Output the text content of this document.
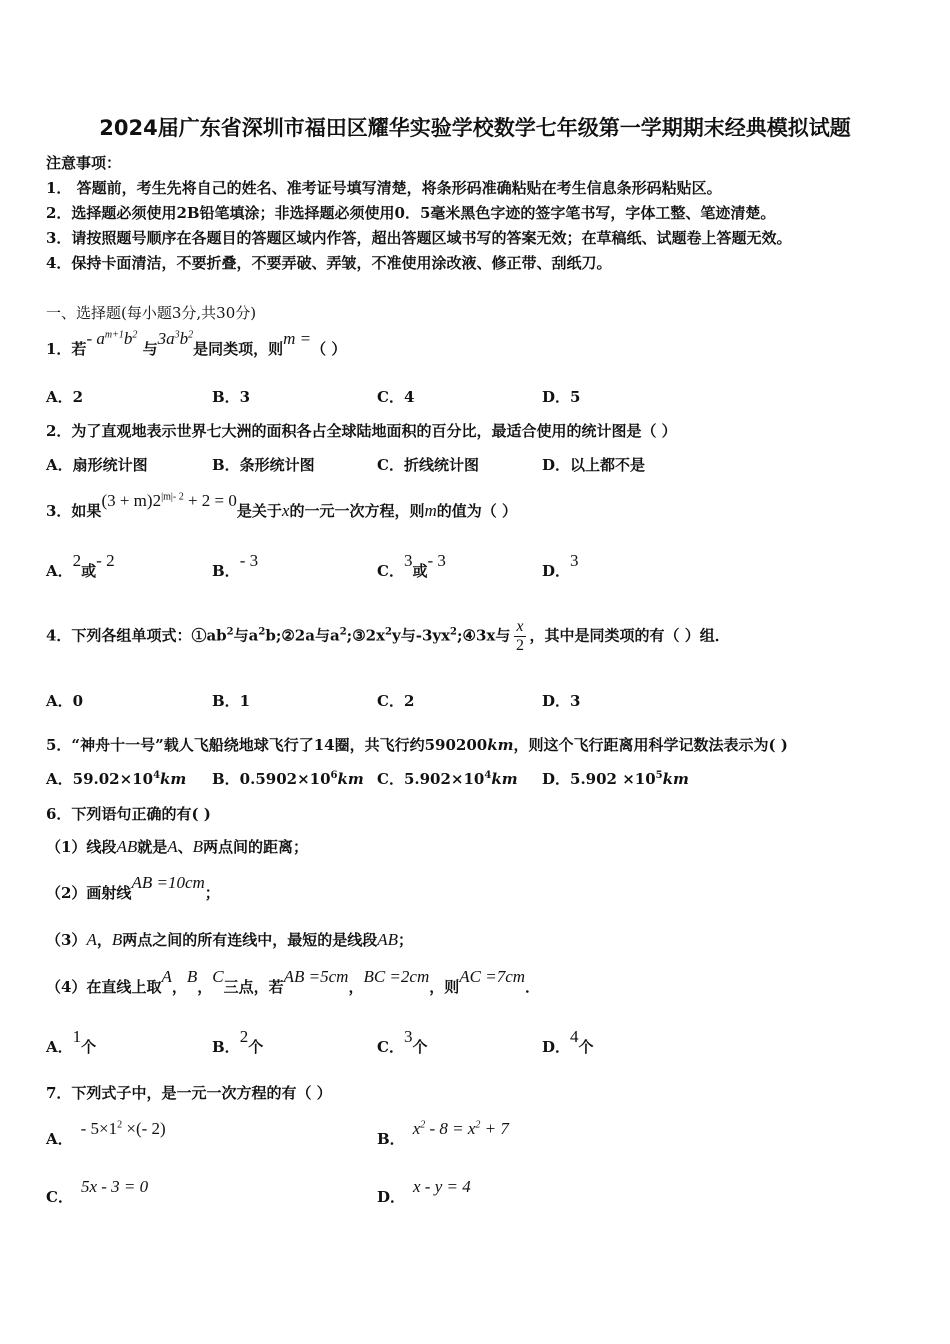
2024届广东省深圳市福田区耀华实验学校数学七年级第一学期期末经典模拟试题
注意事项：
1． 答题前，考生先将自己的姓名、准考证号填写清楚，将条形码准确粘贴在考生信息条形码粘贴区。
2．选择题必须使用2B铅笔填涂；非选择题必须使用0．5毫米黑色字迹的签字笔书写，字体工整、笔迹清楚。
3．请按照题号顺序在各题目的答题区域内作答，超出答题区域书写的答案无效；在草稿纸、试题卷上答题无效。
4．保持卡面清洁，不要折叠，不要弄破、弄皱，不准使用涂改液、修正带、刮纸刀。
一、选择题(每小题3分,共30分)
1．若- $a^{m+1}b^2$ 与$3a^3b^2$是同类项，则m =（ ）
A．2	B．3	C．4	D．5
2．为了直观地表示世界七大洲的面积各占全球陆地面积的百分比，最适合使用的统计图是（ ）
A．扇形统计图	B．条形统计图	C．折线统计图	D．以上都不是
3．如果$(3 + m)2^{|m|- 2} + 2 = 0$是关于x的一元一次方程，则m的值为（ ）
A．2或- 2
B．- 3
C．3或- 3
D．3
4．下列各组单项式：$①ab^2$与$a^2b;②2a$与$a^2;③2x^2y$与$-3yx^2;④3x$与 $\frac{x}{2}$ ，其中是同类项的有（ ）组．
A．0	B．1	C．2	D．3
5．“神舟十一号”载人飞船绕地球飞行了14圈，共飞行约590200km，则这个飞行距离用科学记数法表示为( )
A．$59.02\times 10^4km$ B．$0.5902\times 10^6km$ C．$5.902\times 10^4km$ D．$5.902 \times 10^5km$
6．下列语句正确的有( )
（1）线段AB就是A、B两点间的距离；
（2）画射线AB =10cm；
（3）A，B两点之间的所有连线中，最短的是线段AB；
（4）在直线上取A，B，C三点，若AB =5cm，BC =2cm，则AC =7cm．
A．1个	B．2个	C．3个	D．4个
7．下列式子中，是一元一次方程的有（ ）
A．- $5\times 1^2$ ×(- 2)
B．$x^2 - 8 = x^2 + 7$
C．5x - 3 = 0
D．x - y = 4
